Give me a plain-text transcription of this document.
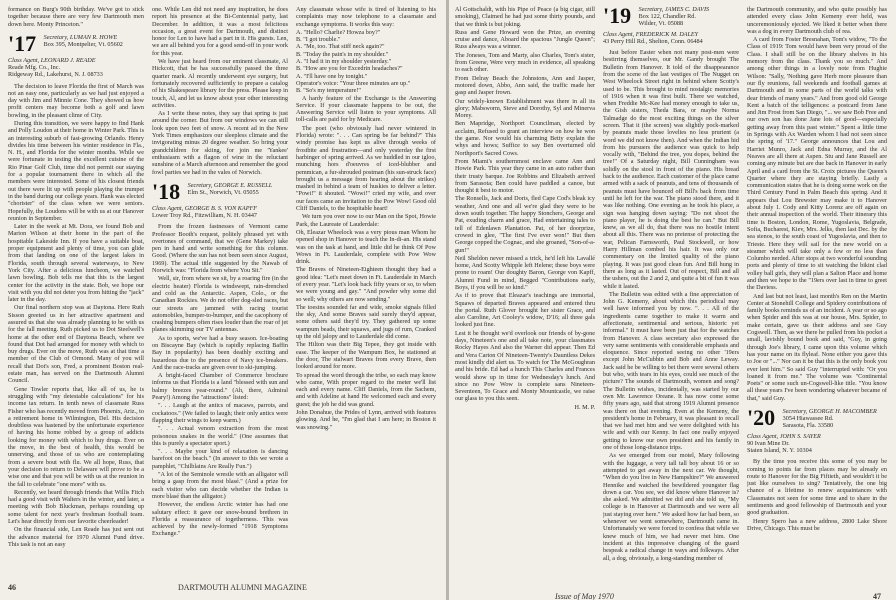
formance on Burg's 90th birthday. We've got to stick together because there are very few Dartmouth men down here. Monty Princeton."

'17 Secretary, LUMAN R. HOWE
Box 395, Montpelier, Vt. 05602
Class Agent, LEONARD J. READE
Reade Mfg. Co., Inc.
Ridgeway Rd., Lakehurst, N. J. 08733

The decision to leave Florida the first of March was not an easy one, particularly as we had just enjoyed a day with Jim and Minnie Cone. They showed us how profit centers may become both a golf and lawn bowling, in the pleasant clime of City.

During this transition, we were happy to find Hank and Polly Loudon at their home in Winter Park. This is an interesting suburb of fast-growing Orlando. Henry divides his time between his winter residence in Fla., N. H., and Florida for the winter months. While we were fortunate in testing the excellent cuisine of the Rio Pinar Golf Club, time did not permit our staying for a popular tournament there in which all the members were interested. Some of his closest friends out there were lit up with people playing the trumpet in the band during our college years. Hank was elected "chorister" of the class when we were seniors. Hopefully, the Loudons will be with us at our Hanover reunion in September.

Later in the week at Mt. Dora, we found Bob and Marion Wilson at their home in the part of the hospitable Lakeside Inn. If you have a suitable boat, proper equipment and plenty of time, you can glide from that landing on one of the largest lakes in Florida, south through several waterways, to New York City. After a delicious luncheon, we watched lawn bowling. Bob tells me that this is the largest center for the activity in the state. Bob, we hope our visit with you did not deter you from hitting the "jack" later in the day.

Our final northern stop was at Daytona. Here Ruth Sisson greeted us in her attractive apartment and assured us that she was already planning to be with us for the fall meeting. Ruth picked us to Dot Steelwell's home at the other end of Daytona Beach, where we found that Dot had arranged for money with which to buy drugs. Ever on the move, Ruth was at that time a member of the Club of Ormond. Many of you will recall that Dot's son, Fred, a prominent Boston real-estate man, has served on the Dartmouth Alumni Council.

Gene Towler reports that, like all of us, he is struggling with "my detestable calculations" for his income tax return. In tenth news of classmate Russ Fisher who has recently moved from Phoenix, Ariz., to a retirement home in Wilmington, Del. His decision doubtless was hastened by the unfortunate experience of having his home robbed by a group of addicts looking for money with which to buy drugs. Ever on the move, in the best of health, this would be unnerving, and those of us who are contemplating from a severe bout with flu. We all hope, Russ, that your decision to return to Delaware will prove to be a wise one and that you will be with us at the reunion in the fall to celebrate "one more" with us.

Recently, we heard through friends that Willis Fitch had a good visit with Walters in the winter, and later, a meeting with Bob Bluckman, perhaps rounding up some talent for next year's freshman football team. Let's hear directly from our favorite cheerleader!

On the financial side, Len Reade has just sent out the advance material for 1970 Alumni Fund drive. This task is not an easy

one. While Len did not need any inspiration, he does report his presence at the Bi-Centennial party, last December. In addition, it was a most felicitous occasion, a great event for Dartmouth, and distinct honor for Len to have had a part in it. His guests. Len, we are all behind you for a good send-off in your work for this year.

We have just heard from our eminent classmate, Al Hickcott, that he has successfully passed the three quarter mark. Al recently underwent eye surgery, but fortunately recovered sufficiently to prepare a catalog of his Shakespeare library for the press. Please keep in touch, Al, and let us know about your other interesting activities.

As I write these notes, they say that spring is just around the corner. But from our windows we can still look upon two feet of snow. A recent ad in the New York Times emphasizes our sleepless climate and the invigorating minus 20 degree weather. So bring your grandchildren for skiing, for join me 'Yankee' enthusiasm with a flagon of wine in the reluctant sunshine of a March afternoon and remember the good fowl parties we had in the vales of Norwich.

'18 Secretary, GEORGE E. RUSSELL
Elm St., Norwich, Vt. 05055
Class Agent, GEORGE B. S. VON KAPFF
Lower Troy Rd., Fitzwilliam, N. H. 03447

From the frozen fastnesses of Vermont came Professor Booth's request, politely phrased yet with overtones of command, that we (Gene Markey) take pen in hand and write something for this column. Good. (Where the sun has not been seen since August, 1969). The actual title suggested by the Nawab of Norwich was: "Florida from where You Sit."

Well, sir, from where we sit, by a roaring fire (in the electric heater) Florida is windswept, rain-drenched and cold as the Antarctic. Aspen, Colo., or the Canadian Rockies. We do not offer dog-sled races, but our streets are jammed with racing tourist automobiles, bumper-to-bumper, and the cacophony of crashing bumpers often rises louder than the roar of jet planes skimming our TV antennas.

As to sports, we've had a busy season. Ice-boating on Biscayne Bay (which is rapidly replacing Baffin Bay in popularity) has been deathly exciting and hazardous due to the presence of Navy ice-breakers. And the race-tracks are given over to ski-jumping.

A bright-faced Chamber of Commerce brochure informs us that Florida is a land "blessed with sun and balmy breezes year-round." (Ah, there, Admiral Peary!) Among the "attractions" listed:

". . . Laugh at the antics of macaws, parrots, and cockatoos." (We failed to laugh; their only antics were flapping their wings to keep warm.)

". . . Actual venom extraction from the most poisonous snakes in the world." (One assumes that this is purely a spectator sport.)

". . . Maybe your kind of relaxation is dancing barefoot on the beach." (In answer to this we wrote a pamphlet, "Chilblains Are Really Fun.")

"A lot of the Seminole wrestle with an alligator will bring a gasp from the most blasé." (And a prize for each visitor who can decide whether the Indian is more blasé than the alligator.)

However, the endless Arctic winter has had one salutary effect: it gave our snow-bound brethren in Florida a reassurance of togetherness. This was achieved by the newly-formed "1918 Symptoms Exchange."

Any classmate whose wife is tired of listening to his complaints may now telephone to a classmate and exchange symptoms. It works this way:

A. "Hello? Charlie? Howza boy?"

B. "I got trouble."

A. "Me, too. That stiff neck again?"

B. "Today the pain's in my shoulder."

A. "I had it in my shoulder yesterday."

B. "How are you for Excedrin headaches?"

A. "I'll have one by tonight."

Operator's voice: "Your three minutes are up."

B. "So's my temperature!"

A hardy feature of the Exchange is the Answering Service. If your classmate happens to be out, the Answering Service will listen to your symptoms. All toll-calls are paid for by Medicare.

The poet (who obviously had never wintered in Florida) wrote: ". . . Can spring be far behind?" This windy promise has kept us alive through weeks of frostbite and frustration—and only yesterday the first harbinger of spring arrived. As we huddled in our igloo, munching hors d'oeuvres of iced-blubber and pemmican, a fur-shrouded postman (his sun-struck face) brought us a message from hearing about the strikes) mashed in behind a team of huskies to deliver a letter. "Powi!" it shouted. "Wowi!" cried my wife, and over our faces came an invitation to the Pow Wow! Good old Cliff Daniels, to the hospitable heart!

We turn you over now to our Man on the Spot, Howie Park, the Laureate of Lauderdale:

Oh, Eleazar Wheelock was a very pious man Whom he opened shop in Hanover to teach the In-di-an. His stand was on the task at hand, and little did he think Of Pow Wows in Ft. Lauderdale, complete with Pow Wow drink.

The Braves of Nineteen-Eighteen thought they had a good idea: "Let's meet down in Ft. Lauderdale in March of every year. "Let's look back fifty years or so, to when we were young and gay." "And powder why some did so well; why others are now sending."

The toesins sounded far and wide, smoke signals filled the sky, And some Braves said surely they'd appear, some others said they'd try. They gathered up some wampum beads, their squaws, and jugs of rum, Cranked up the old jalopy and to Lauderdale did come.

The Hilton was their Big Tepee, they got inside with ease. The keeper of the Wampum Box, he stationed at the door, The stalwart Braves from every Brave, then looked around for more.

To spread the word through the tribe, so each may know who came, With proper regard to the meter we'll list each and every name. Cliff Daniels, from the Sachem, and with Adeline at hand He welcomed each and every guest; the job he did was grand.

John Donahue, the Prides of Lynn, arrived with features glowing. And he, "I'm glad that I am here; in Boston it was snowing."

46	DARTMOUTH ALUMNI MAGAZINE

Al Gottschaldt, with his Pipe of Peace (a big cigar, still smoking), Claimed he had just some thirty pounds, and that we think is but joking.

Russ and Gene Howard won the Prize, an evening cruise and dance, Aboard the spacious "Jungle Queen"; Russ always was a winner.

The Joneses, Tom and Marty, also Charles, Tom's sister, from Greene, Were very much in evidence, all speaking to each other.

From Delray Beach the Johnstons, Ann and Jasper, motored down, Abbo, Ann said, the traffic made her gasp and Jasper frown.

Our widely-known Establishment was there in all its glory; Mabsworm, Steve and Dorothy, Syl and Minerva Morey.

Ben Mapridge, Northport Councilman, elected by acclaim, Refused to grant an interview on how he won the game. Nor would his charming Betty explain the whys and hows; Suffice to say Ben overturned old Northport's Sacred Cows.

From Miami's southernmost enclave came Ann and Howie Park. This year they came in an auto rather than their trusty barque. Joe Robbins and Elizabeth arrived from Sarasota; Ben could have paddled a canoe, but thought it best to motor.

The Ronsells, Jack and Doris, fled Cape Cod's bleak icy weather, And one and all we're glad they were to be down south together. The happy Stonchers, George and Pat, exuding charm and grace, Had entertaining tales to tell of Edenlawn Plantation. Pat, of her doorprize, crowed in glee, "The first I've ever won!" But then George copped the Cognac, and she groaned, "Son-of-a-gun!"

Neil Sheldon never missed a trick, he'd left his Lavallé home, And Scotty Whipple left Helene; these boys were prone to roam! Our doughty Baron, George von Kapff, Alumni Fund in mind, Begged "Contributions early, Boys, if you will be so kind."

As if to prove that Eleazar's teachings are immortal, Squaws of departed Braves appeared and entered thru the portal. Ruth Glover brought her sister Grace, and also Caroline, Art Cooley's widow, D'16; all three gals looked just fine.

Lest it be thought we'd overlook our friends of by-gone days, Nineteen's one and all take note, your classmates Rocky Hayes And also the Warner did appear. Then Ed and Vera Carton Of Nineteen-Twenty's Dauntless Dekes most kindly did alert us. To watch for The McGoughran and his bride. Ed had a hunch This Charles and Frances would show up in time for Wednesday's lunch. And since no Pow Wow is complete sans Nineteen-Seventeen, To Grace and Monty Mountcastle, we raise our glass to you this seen.

H. M. P.

'19 Secretary, JAMES C. DAVIS
Box 122, Chandler Rd.
Wilder, Vt. 05088
Class Agent, FREDERICK M. DALEY
43 Perry Hill Rd., Shelton, Conn. 06484

Just before Easter when not many post-men were bestirring themselves, our Mr. Gandy brought The Bulletin from Hanover. It told of the disappearance from the scene of the last vestiges of The Nugget on West Wheelock Street right in behind where Scotty's used to be. This brought to mind nostalgic memories of 1916 when it was first built. There we watched, when Freddie Mc-Kee had money enough to take us, the Gish sisters, Theda Bara, or maybe Norma Talmadge do the most exciting things on the silver screen. That it (the screen) was slightly pock-marked by peanuts made those lovelies no less prurient (a word we did not know then). And when the Indian hid from his pursuers the audience was quick to help vocally with, "Behind the tree, you dopes, behind the tree!" Of a Saturday night, Bill Cunningham was solidly on the stool in front of the piano. His bread back to the audience. Each customer of the place came armed with a sack of peanuts, and tens of thousands of peanuts must have bounced off Bill's back from time until he left for the war. The piano stood there, and it was like nothing. One evening as he took his place, a sign was hanging down saying: "Do not shoot the piano player, he is doing the best he can." But Bill knew, as we all do, that there was no hostile intent about all this. There was no pretense of protecting the war, Pelican Farnsworth, Paul Stockwell, or how Harry Hillman combed his hair. It was only our commentary on the limited quality of the piano playing. It was just good clean fun. And Bill hung in there as long as it lasted. Out of respect, Bill and all the ushers, out the 2 and 2, and quite a bit of fun it was while it lasted.

The Bulletin was edited with a fine appreciation of John G. Kemeny, about which this periodical may well have informed you by now. ". . . All of the ingredients came together to make it warm and affectionate, sentimental and serious, historic yet informal." It must have been just that for the watches from Hanover. A class secretary also expressed the very same sentiments with considerable emphasis and eloquence. Since reported seeing no other '19ers except John McCubbin and Bob and Anne Leway. Jack said he be willing to bet there were several others but who, with tears in his eyes, could see much of the picture? The sounds of Dartmouth, women and song? The Bulletin wishes, incidentally, was started by our own Mr. Lawrence Oreane. It has now come some fifty years ago, said that strong 1919 Alumni presence was there on that evening. Even at the Kemeny, the president's home in February, it was pleasant to recall that we had met him and we were delighted with his wife and with our Kenny. In fact one really enjoyed getting to know our own president and his family in one of those long-distance trips.

As we emerged from our motel, Mary following with the luggage, a very tall tall boy about 16 or so attempted to get away in the next car. We thought, "When do you live in New Hampshire?" We answered Hennike and watched the bewildered youngster flag down a car. You see, we did know where Hanover is? she asked. We admitted we did and she told us, "My college is in Hanover at Dartmouth and we were all just staying over here." We asked how far had been, so whenever we went somewhere, Dartmouth came in. Unfortunately we were forced to confess that while we knew much of him, we had never met him. One incident at this impressive changing of the guard bespeak a radical change in ways and folkways. After all, a dog, obviously, a long-standing member of

the Dartmouth community, and who quite possibly has attended every class John Kemeny ever held, was unceremoniously ejected. We liked it better when there was a dog in every Dartmouth club of rea.

A card from Foster Bresnahan, Tom's widow, "To the Class of 1919: Tom would have been very proud of the Class. I shall still be on the library shelves in his memory from the class. Thank you so much." And among other things in a lovely note from Hughie Wilson: "Sally, 'Nothing gave Herb more pleasure than our fly reunions, fall weekends and football games at Dartmouth and in some parts of the world talks with dear friends of many years." And from good old George Kent a batch of the telligences: a postcard from Jane and Jim Frost from San Diego, "... we saw Bob Free and our own son has done Jane lots of good—especially getting away from this past winter." Spent a little time in Springs with Ax Warden whom I had not seen since the spring of '17." George announces that Lou and Harriet Munro, Jack and Edna Murray, and the Al Neaves are all there at Aspen. Stu and Jane Russell are coming any minute but are due back in Hanover in early April and a card from the St. Croix pictures the Queen's Quarter where they are staying briefly. Lastly a communication states that he is doing some work on the Third Century Fund in Palm Beach this spring. And it appears that Lou Brewster may make it to Hanover about July 1. Cody and Kitty Lorenz are off again on their annual inspection of the world. Their itinerary this time is Boston, London, Rome, Yugoslavia, Belgrade, Sofia, Bucharest, Kiev, Mrs. Jelks, then last Dec. by the sea stenos, to the south coast of Yugoslavia, and then to Trieste. Here they will sail for the new world on a steamer which will take only a few or no less than Columbo nerded. After stops at two wonderful sounding ports and plenty of time to sit watching the bikini clad volley ball girls, they will plan a Salton Place and home and then we hope to the "19ers over last in time to greet the Daviess.

And last but not least, last month's Ren on the Martin Center at Stonehill College and Spidery contributions of family books reminds us of an incident. A year or so ago when Spider and this was at our house, Mrs. Spider, to make certain, gave us their address and see Guy Cogswell. Then, as we there he pulled from his pocket a small, lavishly bound book and said, "Guy, in going through Joe's library, I came upon this volume which has your name on its flyleaf. None either you gave this to Joe or "..." Nor can it be that this is the only book you ever lent him." So said Guy "interrupted with: "Or you loaned it from me." The volume was "Continental Poets" or some such un-Cogswell-like title. "You know all these years I've been wondering whatever became of that," said Guy.

'20 Secretary, GEORGE H. MACOMBER
3054 Hiawassee Rd.
Sarasota, Fla. 33580
Class Agent, JOHN S. SAYER
90 Ivan Mine Dr.
Staten Island, N. Y. 10304

By the time you receive this some of you may be coming to points far from places may be already en route to Hanover for the Big Fiftieth, and wouldn't it be just like ourselves to sing? Tentatively, the one big chance of a lifetime to renew acquaintances with Classmates not seen for some time and to share in the sentiments and good fellowship of Dartmouth and your good graduation.

Henry Spero has a new address, 2800 Lake Shore Drive, Chicago. This must be

Issue of May 1970	47
